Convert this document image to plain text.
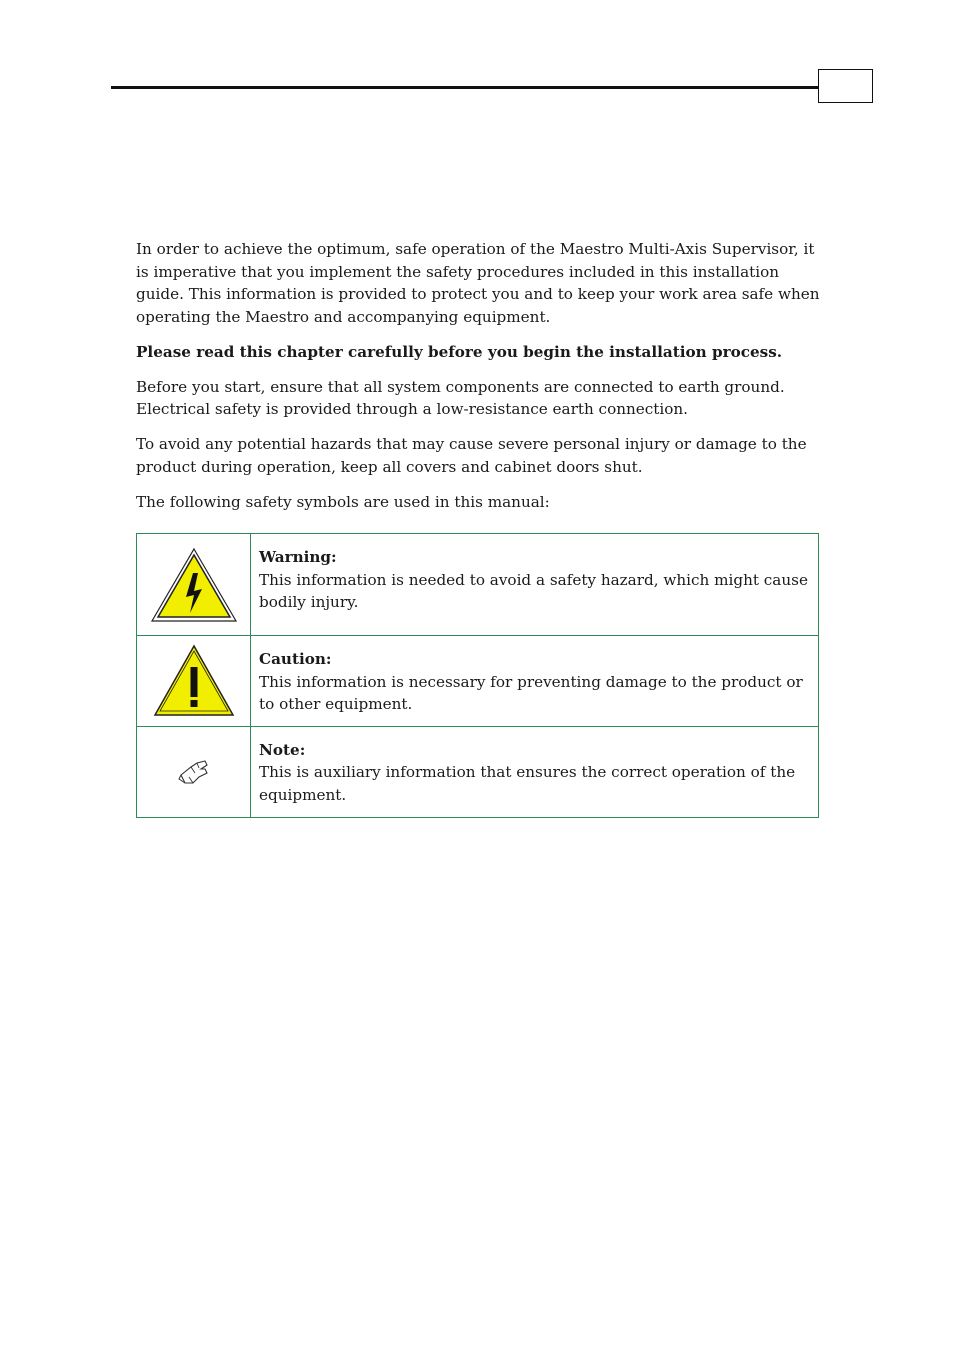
In order to achieve the optimum, safe operation of the Maestro Multi-Axis Supervisor, it is imperative that you implement the safety procedures included in this installation guide. This information is provided to protect you and to keep your work area safe when operating the Maestro and accompanying equipment.

Please read this chapter carefully before you begin the installation process.

Before you start, ensure that all system components are connected to earth ground. Electrical safety is provided through a low-resistance earth connection.

To avoid any potential hazards that may cause severe personal injury or damage to the product during operation, keep all covers and cabinet doors shut.

The following safety symbols are used in this manual:

Warning:
This information is needed to avoid a safety hazard, which might cause bodily injury.

Caution:
This information is necessary for preventing damage to the product or to other equipment.

Note:
This is auxiliary information that ensures the correct operation of the equipment.
